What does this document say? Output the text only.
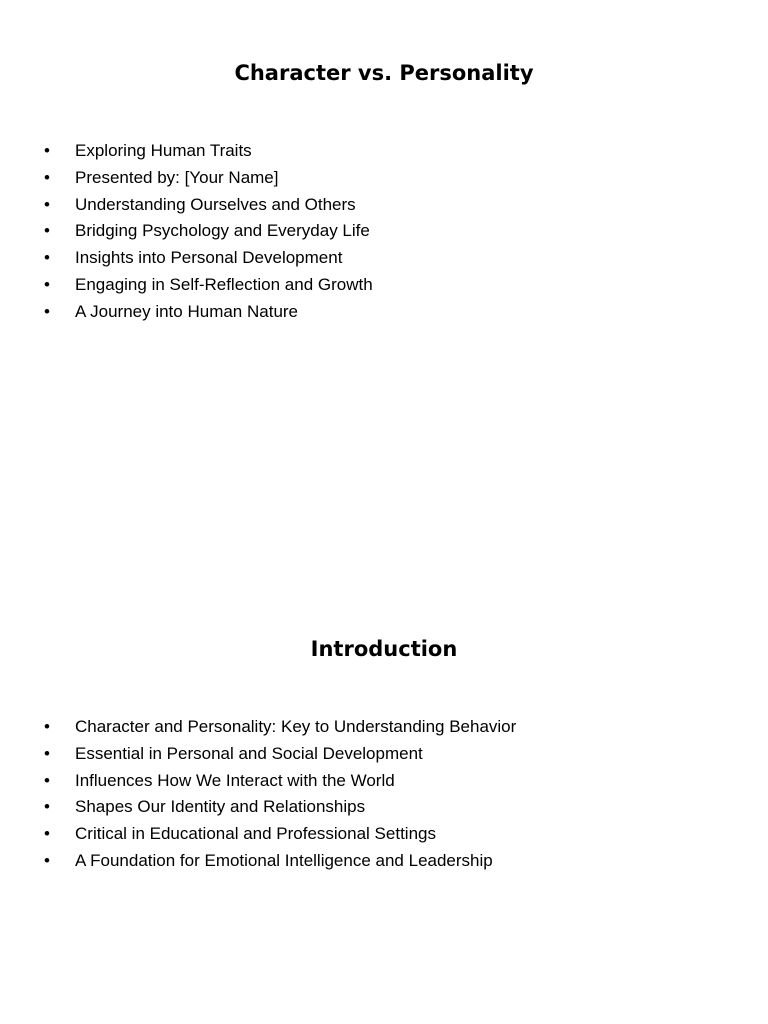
Character vs. Personality
•	Exploring Human Traits
•	Presented by: [Your Name]
•	Understanding Ourselves and Others
•	Bridging Psychology and Everyday Life
•	Insights into Personal Development
•	Engaging in Self-Reflection and Growth
•	A Journey into Human Nature
Introduction
•	Character and Personality: Key to Understanding Behavior
•	Essential in Personal and Social Development
•	Influences How We Interact with the World
•	Shapes Our Identity and Relationships
•	Critical in Educational and Professional Settings
•	A Foundation for Emotional Intelligence and Leadership
